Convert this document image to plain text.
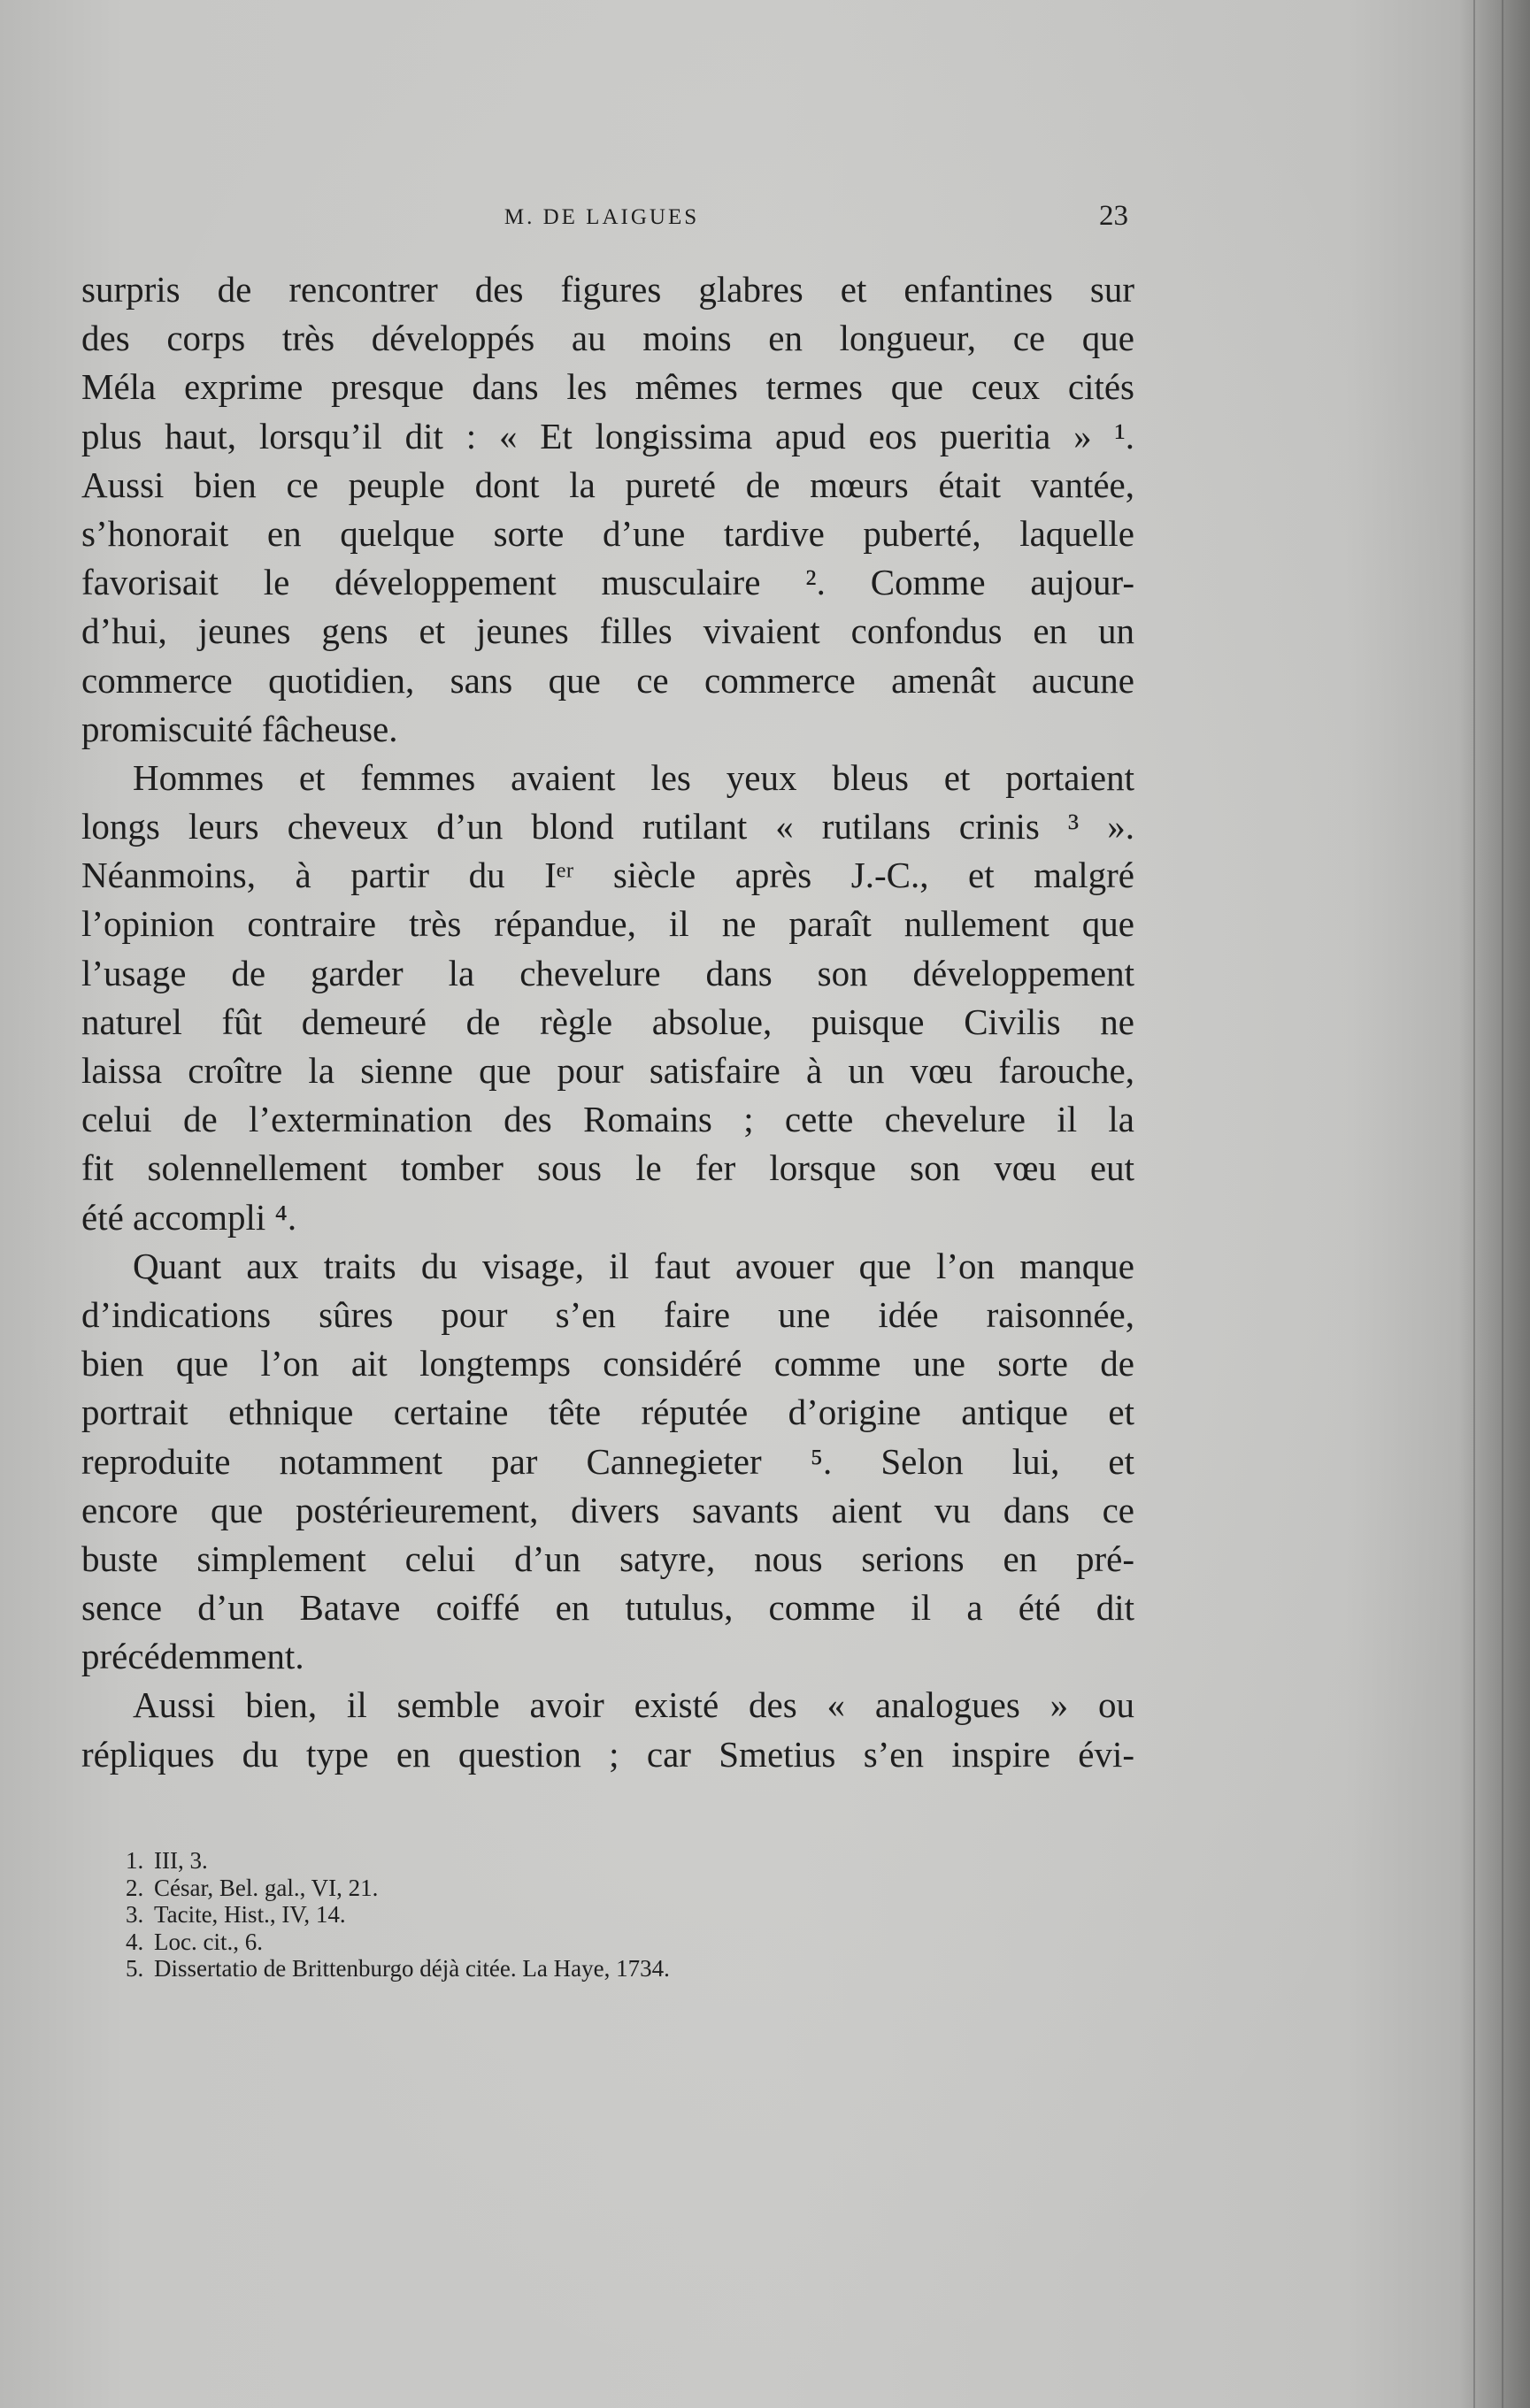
M. DE LAIGUES	23
surpris de rencontrer des figures glabres et enfantines sur
des corps très développés au moins en longueur, ce que
Méla exprime presque dans les mêmes termes que ceux cités
plus haut, lorsqu’il dit : « Et longissima apud eos pueritia » ¹.
Aussi bien ce peuple dont la pureté de mœurs était vantée,
s’honorait en quelque sorte d’une tardive puberté, laquelle
favorisait le développement musculaire ². Comme aujour-
d’hui, jeunes gens et jeunes filles vivaient confondus en un
commerce quotidien, sans que ce commerce amenât aucune
promiscuité fâcheuse.
Hommes et femmes avaient les yeux bleus et portaient
longs leurs cheveux d’un blond rutilant « rutilans crinis ³ ».
Néanmoins, à partir du Iᵉʳ siècle après J.-C., et malgré
l’opinion contraire très répandue, il ne paraît nullement que
l’usage de garder la chevelure dans son développement
naturel fût demeuré de règle absolue, puisque Civilis ne
laissa croître la sienne que pour satisfaire à un vœu farouche,
celui de l’extermination des Romains ; cette chevelure il la
fit solennellement tomber sous le fer lorsque son vœu eut
été accompli ⁴.
Quant aux traits du visage, il faut avouer que l’on manque
d’indications sûres pour s’en faire une idée raisonnée,
bien que l’on ait longtemps considéré comme une sorte de
portrait ethnique certaine tête réputée d’origine antique et
reproduite notamment par Cannegieter ⁵. Selon lui, et
encore que postérieurement, divers savants aient vu dans ce
buste simplement celui d’un satyre, nous serions en pré-
sence d’un Batave coiffé en tutulus, comme il a été dit
précédemment.
Aussi bien, il semble avoir existé des « analogues » ou
répliques du type en question ; car Smetius s’en inspire évi-
1. III, 3.
2. César, Bel. gal., VI, 21.
3. Tacite, Hist., IV, 14.
4. Loc. cit., 6.
5. Dissertatio de Brittenburgo déjà citée. La Haye, 1734.
